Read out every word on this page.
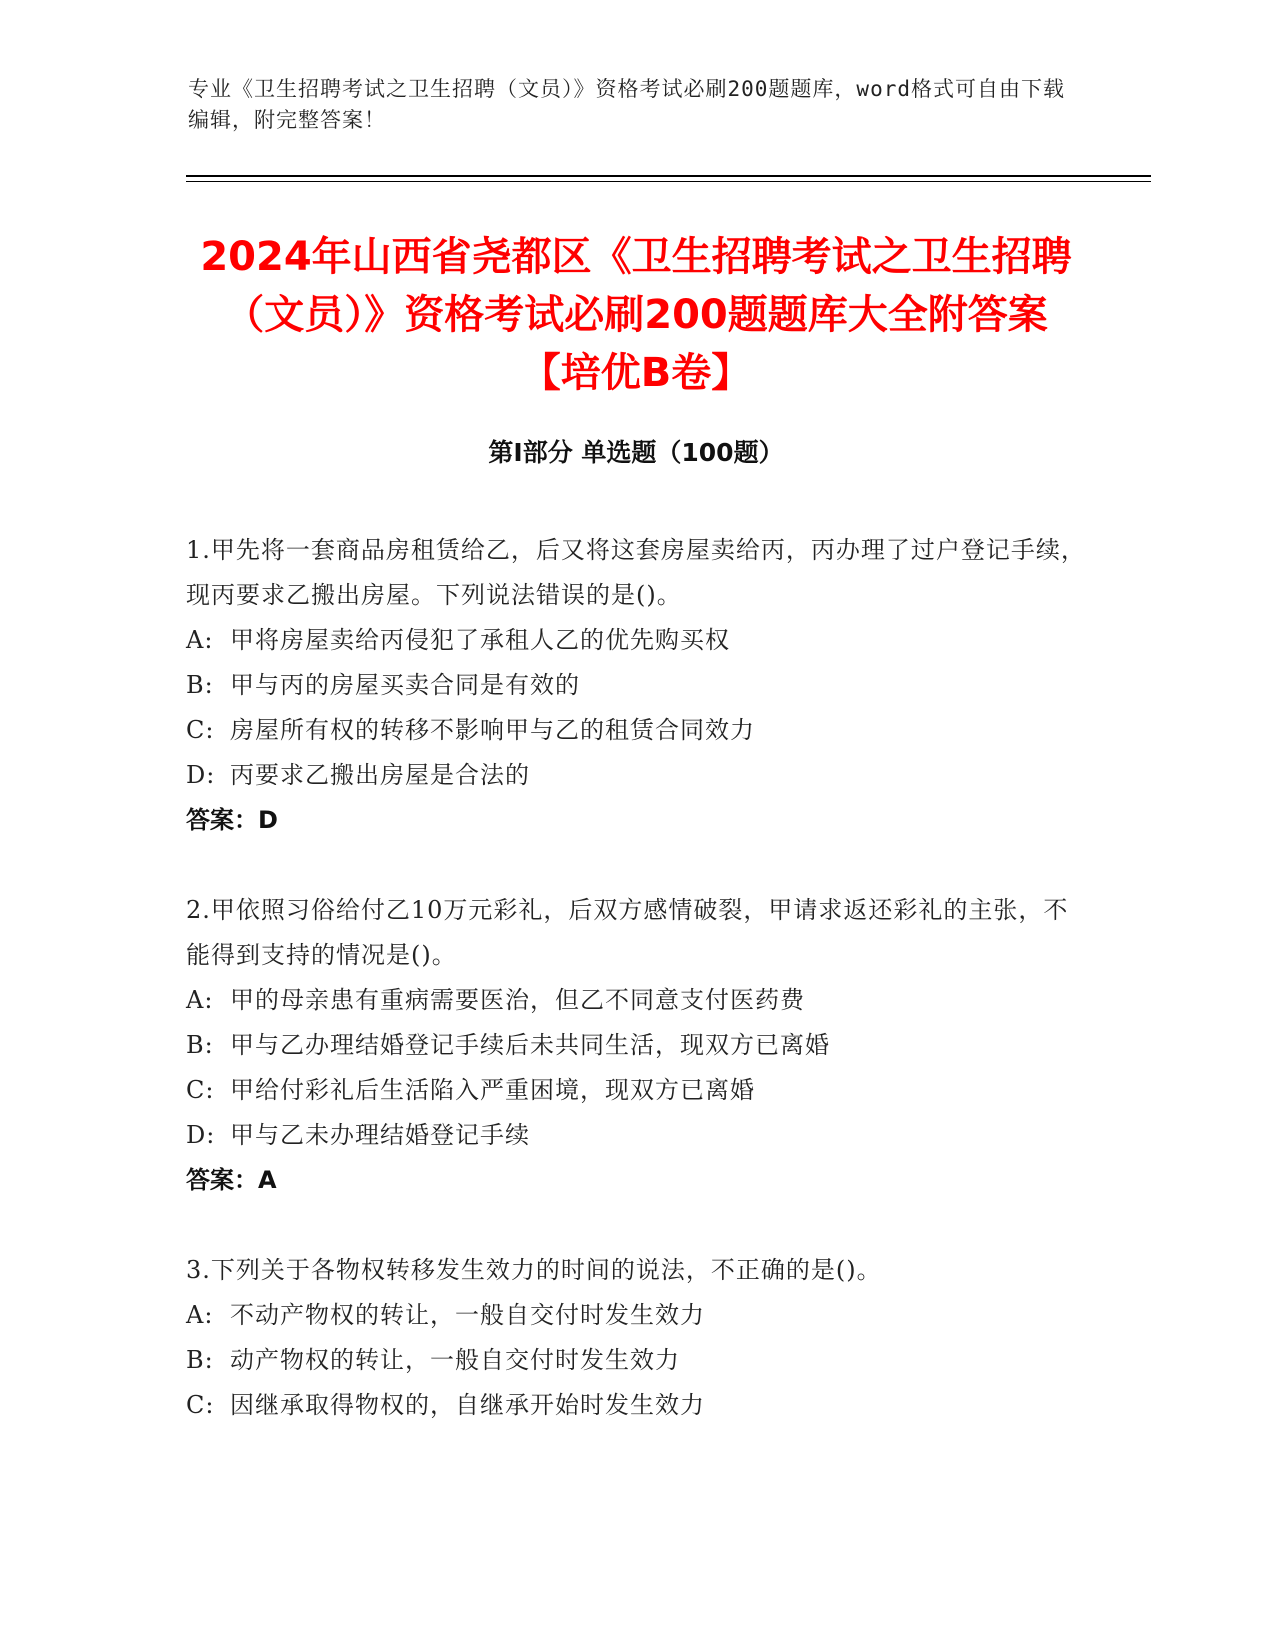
专业《卫生招聘考试之卫生招聘（文员）》资格考试必刷200题题库，word格式可自由下载编辑，附完整答案！
2024年山西省尧都区《卫生招聘考试之卫生招聘（文员）》资格考试必刷200题题库大全附答案【培优B卷】
第Ⅰ部分 单选题（100题）
1.甲先将一套商品房租赁给乙，后又将这套房屋卖给丙，丙办理了过户登记手续，现丙要求乙搬出房屋。下列说法错误的是()。
A: 甲将房屋卖给丙侵犯了承租人乙的优先购买权
B: 甲与丙的房屋买卖合同是有效的
C: 房屋所有权的转移不影响甲与乙的租赁合同效力
D: 丙要求乙搬出房屋是合法的
答案：D
2.甲依照习俗给付乙10万元彩礼，后双方感情破裂，甲请求返还彩礼的主张，不能得到支持的情况是()。
A: 甲的母亲患有重病需要医治，但乙不同意支付医药费
B: 甲与乙办理结婚登记手续后未共同生活，现双方已离婚
C: 甲给付彩礼后生活陷入严重困境，现双方已离婚
D: 甲与乙未办理结婚登记手续
答案：A
3.下列关于各物权转移发生效力的时间的说法，不正确的是()。
A: 不动产物权的转让，一般自交付时发生效力
B: 动产物权的转让，一般自交付时发生效力
C: 因继承取得物权的，自继承开始时发生效力
